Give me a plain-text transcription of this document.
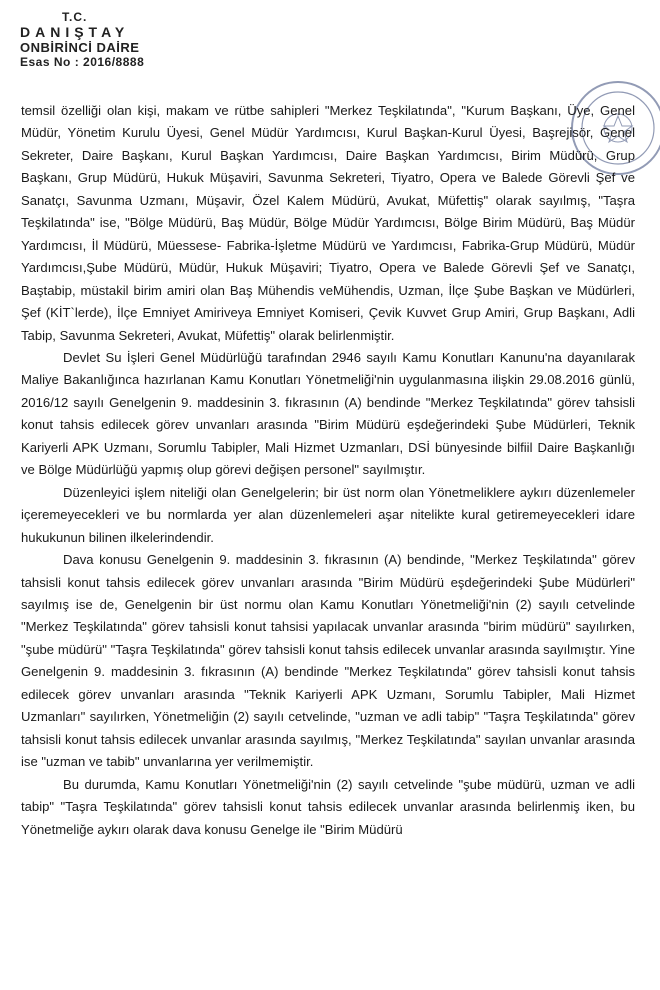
T.C.
DANIŞTAY
ONBİRİNCİ DAİRE
Esas No : 2016/8888

temsil özelliği olan kişi, makam ve rütbe sahipleri "Merkez Teşkilatında", "Kurum Başkanı, Üye, Genel Müdür, Yönetim Kurulu Üyesi, Genel Müdür Yardımcısı, Kurul Başkan-Kurul Üyesi, Başrejisör, Genel Sekreter, Daire Başkanı, Kurul Başkan Yardımcısı, Daire Başkan Yardımcısı, Birim Müdürü, Grup Başkanı, Grup Müdürü, Hukuk Müşaviri, Savunma Sekreteri, Tiyatro, Opera ve Balede Görevli Şef ve Sanatçı, Savunma Uzmanı, Müşavir, Özel Kalem Müdürü, Avukat, Müfettiş" olarak sayılmış, "Taşra Teşkilatında" ise, "Bölge Müdürü, Baş Müdür, Bölge Müdür Yardımcısı, Bölge Birim Müdürü, Baş Müdür Yardımcısı, İl Müdürü, Müessese- Fabrika-İşletme Müdürü ve Yardımcısı, Fabrika-Grup Müdürü, Müdür Yardımcısı,Şube Müdürü, Müdür, Hukuk Müşaviri; Tiyatro, Opera ve Balede Görevli Şef ve Sanatçı, Baştabip, müstakil birim amiri olan Baş Mühendis veMühendis, Uzman, İlçe Şube Başkan ve Müdürleri, Şef (KİT`lerde), İlçe Emniyet Amiriveya Emniyet Komiseri, Çevik Kuvvet Grup Amiri, Grup Başkanı, Adli Tabip, Savunma Sekreteri, Avukat, Müfettiş" olarak belirlenmiştir.

Devlet Su İşleri Genel Müdürlüğü tarafından 2946 sayılı Kamu Konutları Kanunu'na dayanılarak Maliye Bakanlığınca hazırlanan Kamu Konutları Yönetmeliği'nin uygulanmasına ilişkin 29.08.2016 günlü, 2016/12 sayılı Genelgenin 9. maddesinin 3. fıkrasının (A) bendinde "Merkez Teşkilatında" görev tahsisli konut tahsis edilecek görev unvanları arasında "Birim Müdürü eşdeğerindeki Şube Müdürleri, Teknik Kariyerli APK Uzmanı, Sorumlu Tabipler, Mali Hizmet Uzmanları, DSİ bünyesinde bilfiil Daire Başkanlığı ve Bölge Müdürlüğü yapmış olup görevi değişen personel" sayılmıştır.

Düzenleyici işlem niteliği olan Genelgelerin; bir üst norm olan Yönetmeliklere aykırı düzenlemeler içeremeyecekleri ve bu normlarda yer alan düzenlemeleri aşar nitelikte kural getiremeyecekleri idare hukukunun bilinen ilkelerindendir.

Dava konusu Genelgenin 9. maddesinin 3. fıkrasının (A) bendinde, "Merkez Teşkilatında" görev tahsisli konut tahsis edilecek görev unvanları arasında "Birim Müdürü eşdeğerindeki Şube Müdürleri" sayılmış ise de, Genelgenin bir üst normu olan Kamu Konutları Yönetmeliği'nin (2) sayılı cetvelinde "Merkez Teşkilatında" görev tahsisli konut tahsisi yapılacak unvanlar arasında "birim müdürü" sayılırken, "şube müdürü" "Taşra Teşkilatında" görev tahsisli konut tahsis edilecek unvanlar arasında sayılmıştır. Yine Genelgenin 9. maddesinin 3. fıkrasının (A) bendinde "Merkez Teşkilatında" görev tahsisli konut tahsis edilecek görev unvanları arasında "Teknik Kariyerli APK Uzmanı, Sorumlu Tabipler, Mali Hizmet Uzmanları" sayılırken, Yönetmeliğin (2) sayılı cetvelinde, "uzman ve adli tabip" "Taşra Teşkilatında" görev tahsisli konut tahsis edilecek unvanlar arasında sayılmış, "Merkez Teşkilatında" sayılan unvanlar arasında ise "uzman ve tabib" unvanlarına yer verilmemiştir.

Bu durumda, Kamu Konutları Yönetmeliği'nin (2) sayılı cetvelinde "şube müdürü, uzman ve adli tabip" "Taşra Teşkilatında" görev tahsisli konut tahsis edilecek unvanlar arasında belirlenmiş iken, bu Yönetmeliğe aykırı olarak dava konusu Genelge ile "Birim Müdürü
